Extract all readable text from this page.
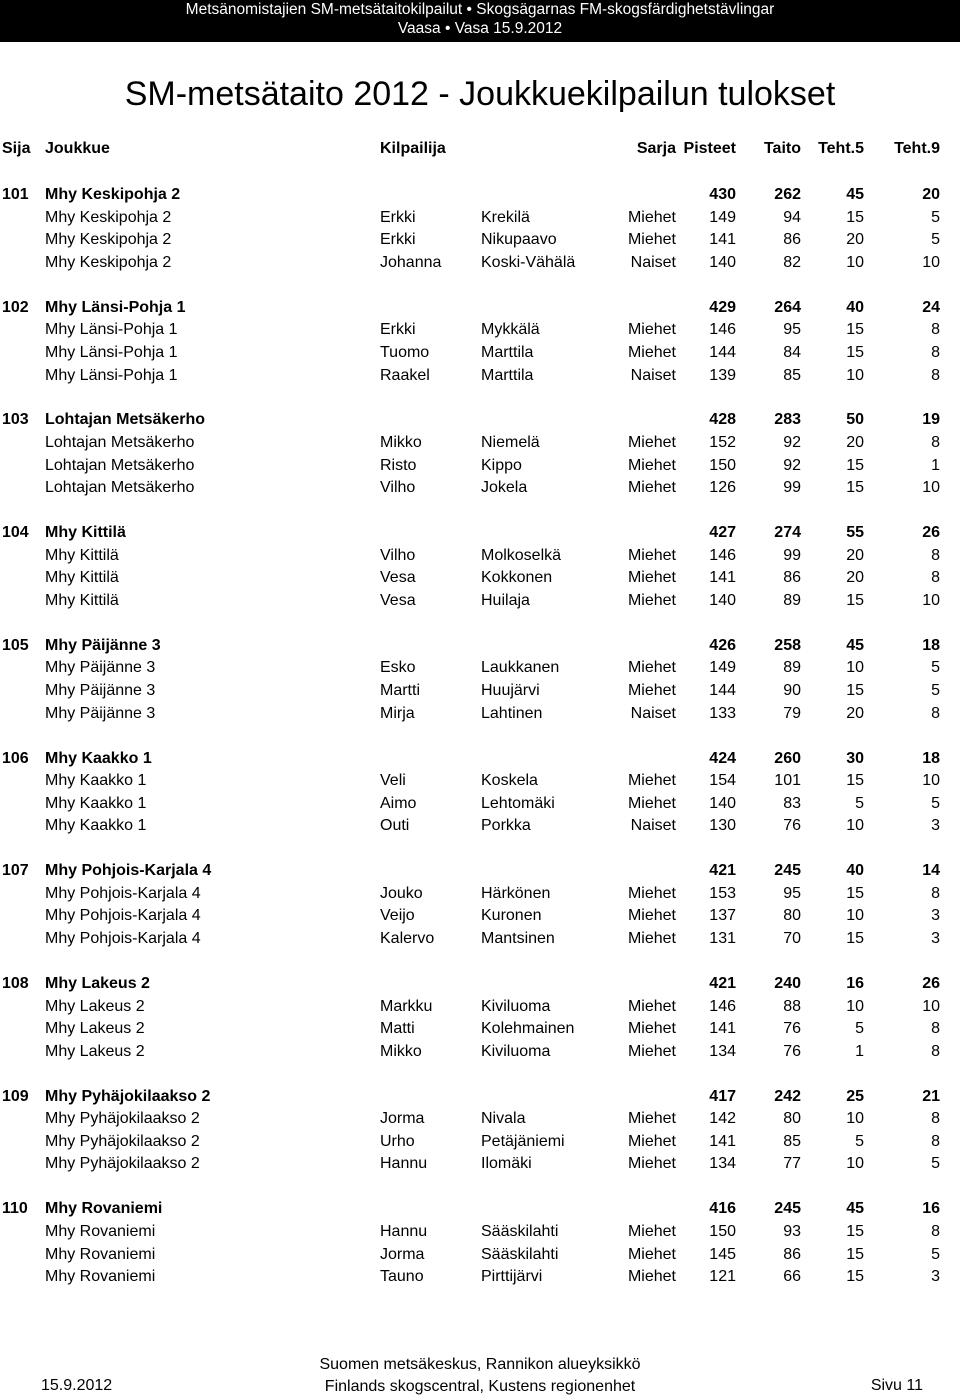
Metsänomistajien SM-metsätaitokilpailut • Skogsägarnas FM-skogsfärdighetstävlingar
Vaasa • Vasa 15.9.2012
SM-metsätaito 2012 - Joukkuekilpailun tulokset
Sija Joukkue	Kilpailija	Sarja Pisteet Taito Teht.5 Teht.9
101 Mhy Keskipohja 2	430 262	45	20
Mhy Keskipohja 2	Erkki	Krekilä	Miehet 149	94	15	5
Mhy Keskipohja 2	Erkki	Nikupaavo	Miehet 141	86	20	5
Mhy Keskipohja 2	Johanna Koski-Vähälä	Naiset 140	82	10	10
102 Mhy Länsi-Pohja 1	429 264	40	24
Mhy Länsi-Pohja 1	Erkki	Mykkälä	Miehet 146	95	15	8
Mhy Länsi-Pohja 1	Tuomo	Marttila	Miehet 144	84	15	8
Mhy Länsi-Pohja 1	Raakel	Marttila	Naiset 139	85	10	8
103 Lohtajan Metsäkerho	428 283	50	19
Lohtajan Metsäkerho	Mikko	Niemelä	Miehet 152	92	20	8
Lohtajan Metsäkerho	Risto	Kippo	Miehet 150	92	15	1
Lohtajan Metsäkerho	Vilho	Jokela	Miehet 126	99	15	10
104 Mhy Kittilä	427 274	55	26
Mhy Kittilä	Vilho	Molkoselkä	Miehet 146	99	20	8
Mhy Kittilä	Vesa	Kokkonen	Miehet 141	86	20	8
Mhy Kittilä	Vesa	Huilaja	Miehet 140	89	15	10
105 Mhy Päijänne 3	426 258	45	18
Mhy Päijänne 3	Esko	Laukkanen	Miehet 149	89	10	5
Mhy Päijänne 3	Martti	Huujärvi	Miehet 144	90	15	5
Mhy Päijänne 3	Mirja	Lahtinen	Naiset 133	79	20	8
106 Mhy Kaakko 1	424 260	30	18
Mhy Kaakko 1	Veli	Koskela	Miehet 154 101	15	10
Mhy Kaakko 1	Aimo	Lehtomäki	Miehet 140	83	5	5
Mhy Kaakko 1	Outi	Porkka	Naiset 130	76	10	3
107 Mhy Pohjois-Karjala 4	421 245	40	14
Mhy Pohjois-Karjala 4	Jouko	Härkönen	Miehet 153	95	15	8
Mhy Pohjois-Karjala 4	Veijo	Kuronen	Miehet 137	80	10	3
Mhy Pohjois-Karjala 4	Kalervo	Mantsinen	Miehet 131	70	15	3
108 Mhy Lakeus 2	421 240	16	26
Mhy Lakeus 2	Markku	Kiviluoma	Miehet 146	88	10	10
Mhy Lakeus 2	Matti	Kolehmainen	Miehet 141	76	5	8
Mhy Lakeus 2	Mikko	Kiviluoma	Miehet 134	76	1	8
109 Mhy Pyhäjokilaakso 2	417 242	25	21
Mhy Pyhäjokilaakso 2	Jorma	Nivala	Miehet 142	80	10	8
Mhy Pyhäjokilaakso 2	Urho	Petäjäniemi	Miehet 141	85	5	8
Mhy Pyhäjokilaakso 2	Hannu	Ilomäki	Miehet 134	77	10	5
110 Mhy Rovaniemi	416 245	45	16
Mhy Rovaniemi	Hannu	Sääskilahti	Miehet 150	93	15	8
Mhy Rovaniemi	Jorma	Sääskilahti	Miehet 145	86	15	5
Mhy Rovaniemi	Tauno	Pirttijärvi	Miehet 121	66	15	3
15.9.2012
Suomen metsäkeskus, Rannikon alueyksikkö
Finlands skogscentral, Kustens regionenhet	Sivu 11
